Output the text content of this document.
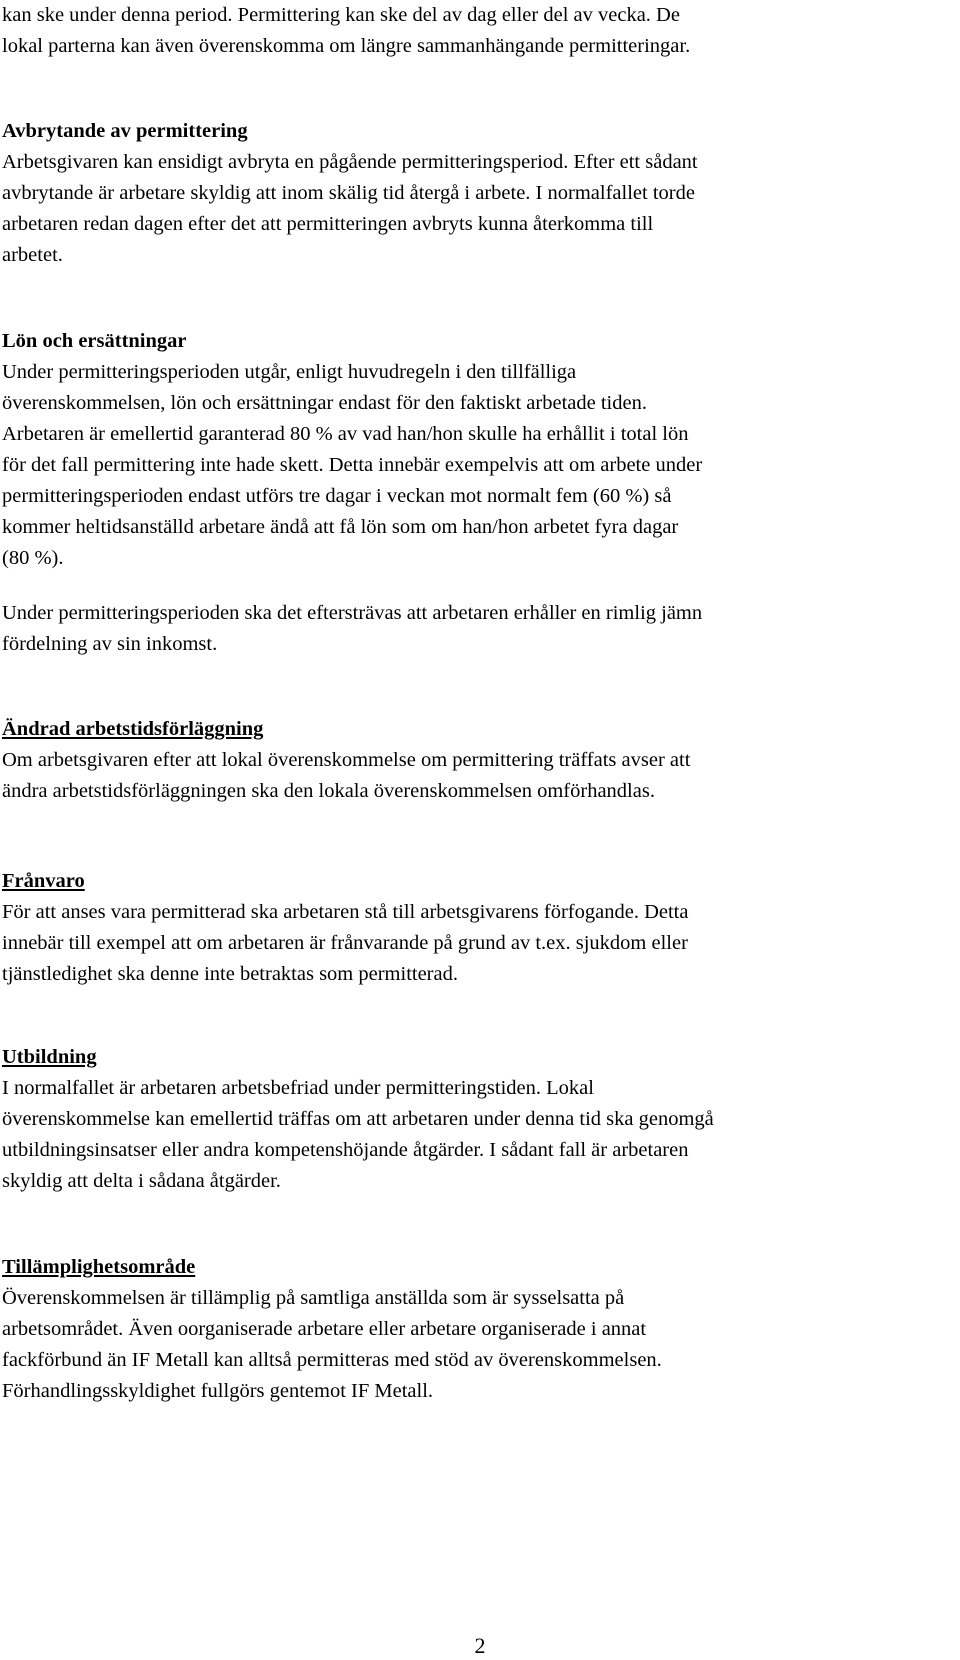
kan ske under denna period. Permittering kan ske del av dag eller del av vecka. De
lokal parterna kan även överenskomma om längre sammanhängande permitteringar.
Avbrytande av permittering
Arbetsgivaren kan ensidigt avbryta en pågående permitteringsperiod. Efter ett sådant
avbrytande är arbetare skyldig att inom skälig tid återgå i arbete. I normalfallet torde
arbetaren redan dagen efter det att permitteringen avbryts kunna återkomma till
arbetet.
Lön och ersättningar
Under permitteringsperioden utgår, enligt huvudregeln i den tillfälliga
överenskommelsen, lön och ersättningar endast för den faktiskt arbetade tiden.
Arbetaren är emellertid garanterad 80 % av vad han/hon skulle ha erhållit i total lön
för det fall permittering inte hade skett. Detta innebär exempelvis att om arbete under
permitteringsperioden endast utförs tre dagar i veckan mot normalt fem (60 %) så
kommer heltidsanställd arbetare ändå att få lön som om han/hon arbetet fyra dagar
(80 %).
Under permitteringsperioden ska det eftersträvas att arbetaren erhåller en rimlig jämn
fördelning av sin inkomst.
Ändrad arbetstidsförläggning
Om arbetsgivaren efter att lokal överenskommelse om permittering träffats avser att
ändra arbetstidsförläggningen ska den lokala överenskommelsen omförhandlas.
Frånvaro
För att anses vara permitterad ska arbetaren stå till arbetsgivarens förfogande. Detta
innebär till exempel att om arbetaren är frånvarande på grund av t.ex. sjukdom eller
tjänstledighet ska denne inte betraktas som permitterad.
Utbildning
I normalfallet är arbetaren arbetsbefriad under permitteringstiden. Lokal
överenskommelse kan emellertid träffas om att arbetaren under denna tid ska genomgå
utbildningsinsatser eller andra kompetenshöjande åtgärder. I sådant fall är arbetaren
skyldig att delta i sådana åtgärder.
Tillämplighetsområde
Överenskommelsen är tillämplig på samtliga anställda som är sysselsatta på
arbetsområdet. Även oorganiserade arbetare eller arbetare organiserade i annat
fackförbund än IF Metall kan alltså permitteras med stöd av överenskommelsen.
Förhandlingsskyldighet fullgörs gentemot IF Metall.
2
